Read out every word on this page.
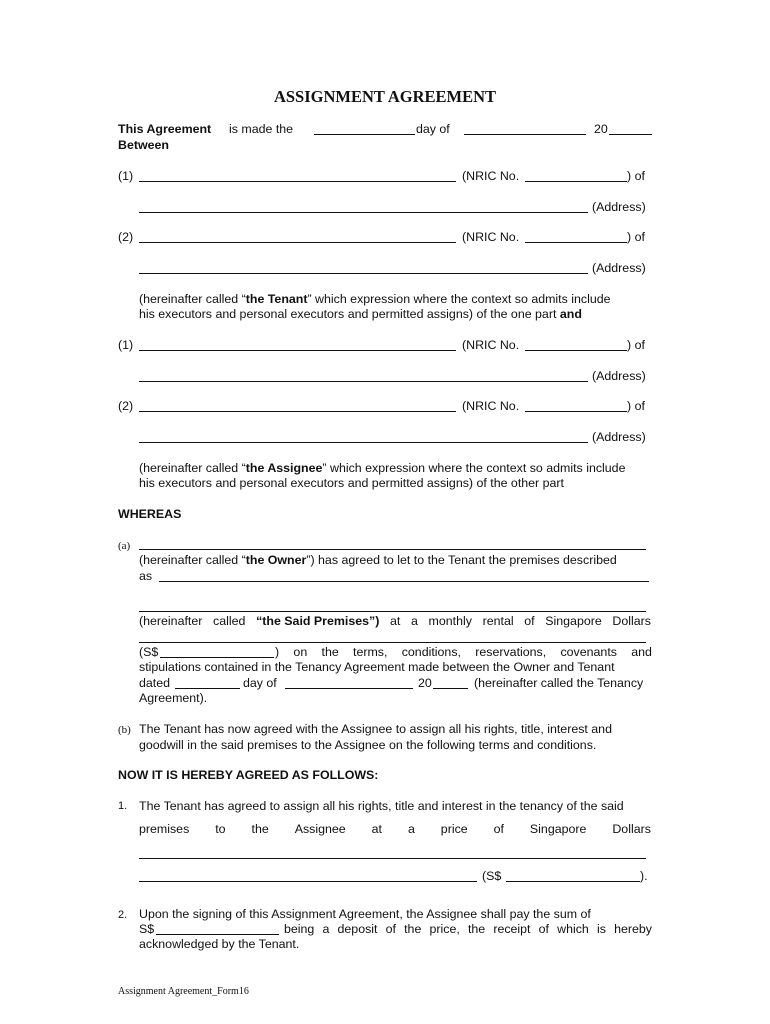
ASSIGNMENT AGREEMENT
This Agreement is made the	day of	20
Between
(1)	(NRIC No.	) of
(Address)
(2)	(NRIC No.	) of
(Address)
(hereinafter called “the Tenant” which expression where the context so admits include
his executors and personal executors and permitted assigns) of the one part and
(1)	(NRIC No.	) of
(Address)
(2)	(NRIC No.	) of
(Address)
(hereinafter called “the Assignee” which expression where the context so admits include
his executors and personal executors and permitted assigns) of the other part
WHEREAS
(a)
(hereinafter called “the Owner”) has agreed to let to the Tenant the premises described
as
(hereinafter called “the Said Premises”) at a monthly rental of Singapore Dollars
(S$	) on the terms, conditions, reservations, covenants and
stipulations contained in the Tenancy Agreement made between the Owner and Tenant
dated	day of	20	(hereinafter called the Tenancy
Agreement).
(b) The Tenant has now agreed with the Assignee to assign all his rights, title, interest and
goodwill in the said premises to the Assignee on the following terms and conditions.
NOW IT IS HEREBY AGREED AS FOLLOWS:
1. The Tenant has agreed to assign all his rights, title and interest in the tenancy of the said
premises to the Assignee at a price of Singapore Dollars
(S$	).
2. Upon the signing of this Assignment Agreement, the Assignee shall pay the sum of
S$	being a deposit of the price, the receipt of which is hereby
acknowledged by the Tenant.
Assignment Agreement_Form16
